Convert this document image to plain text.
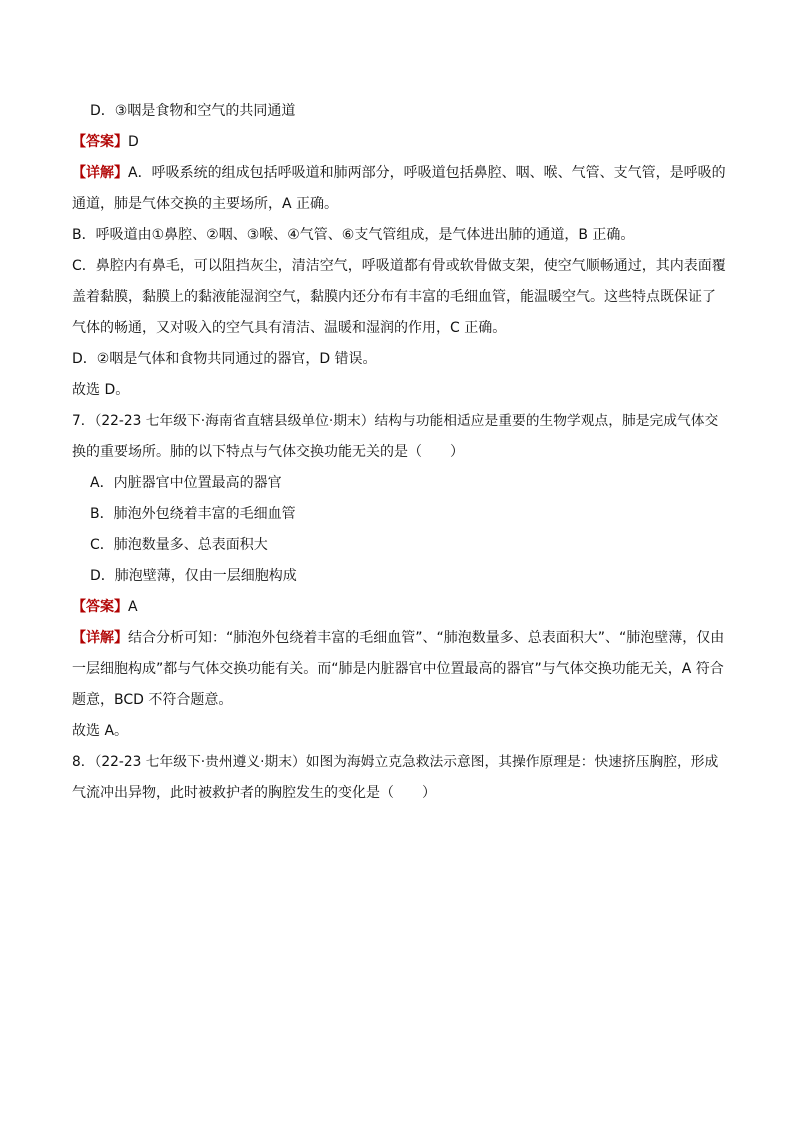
D．③咽是食物和空气的共同通道
【答案】D
【详解】A．呼吸系统的组成包括呼吸道和肺两部分，呼吸道包括鼻腔、咽、喉、气管、支气管，是呼吸的
通道，肺是气体交换的主要场所，A 正确。
B．呼吸道由①鼻腔、②咽、③喉、④气管、⑥支气管组成，是气体进出肺的通道，B 正确。
C．鼻腔内有鼻毛，可以阻挡灰尘，清洁空气，呼吸道都有骨或软骨做支架，使空气顺畅通过，其内表面覆
盖着黏膜，黏膜上的黏液能湿润空气，黏膜内还分布有丰富的毛细血管，能温暖空气。这些特点既保证了
气体的畅通，又对吸入的空气具有清洁、温暖和湿润的作用，C 正确。
D．②咽是气体和食物共同通过的器官，D 错误。
故选 D。
7．（22-23 七年级下·海南省直辖县级单位·期末）结构与功能相适应是重要的生物学观点，肺是完成气体交
换的重要场所。肺的以下特点与气体交换功能无关的是（　　）
A．内脏器官中位置最高的器官
B．肺泡外包绕着丰富的毛细血管
C．肺泡数量多、总表面积大
D．肺泡壁薄，仅由一层细胞构成
【答案】A
【详解】结合分析可知：“肺泡外包绕着丰富的毛细血管”、“肺泡数量多、总表面积大”、“肺泡壁薄，仅由
一层细胞构成”都与气体交换功能有关。而“肺是内脏器官中位置最高的器官”与气体交换功能无关，A 符合
题意，BCD 不符合题意。
故选 A。
8．（22-23 七年级下·贵州遵义·期末）如图为海姆立克急救法示意图，其操作原理是：快速挤压胸腔，形成
气流冲出异物，此时被救护者的胸腔发生的变化是（　　）
